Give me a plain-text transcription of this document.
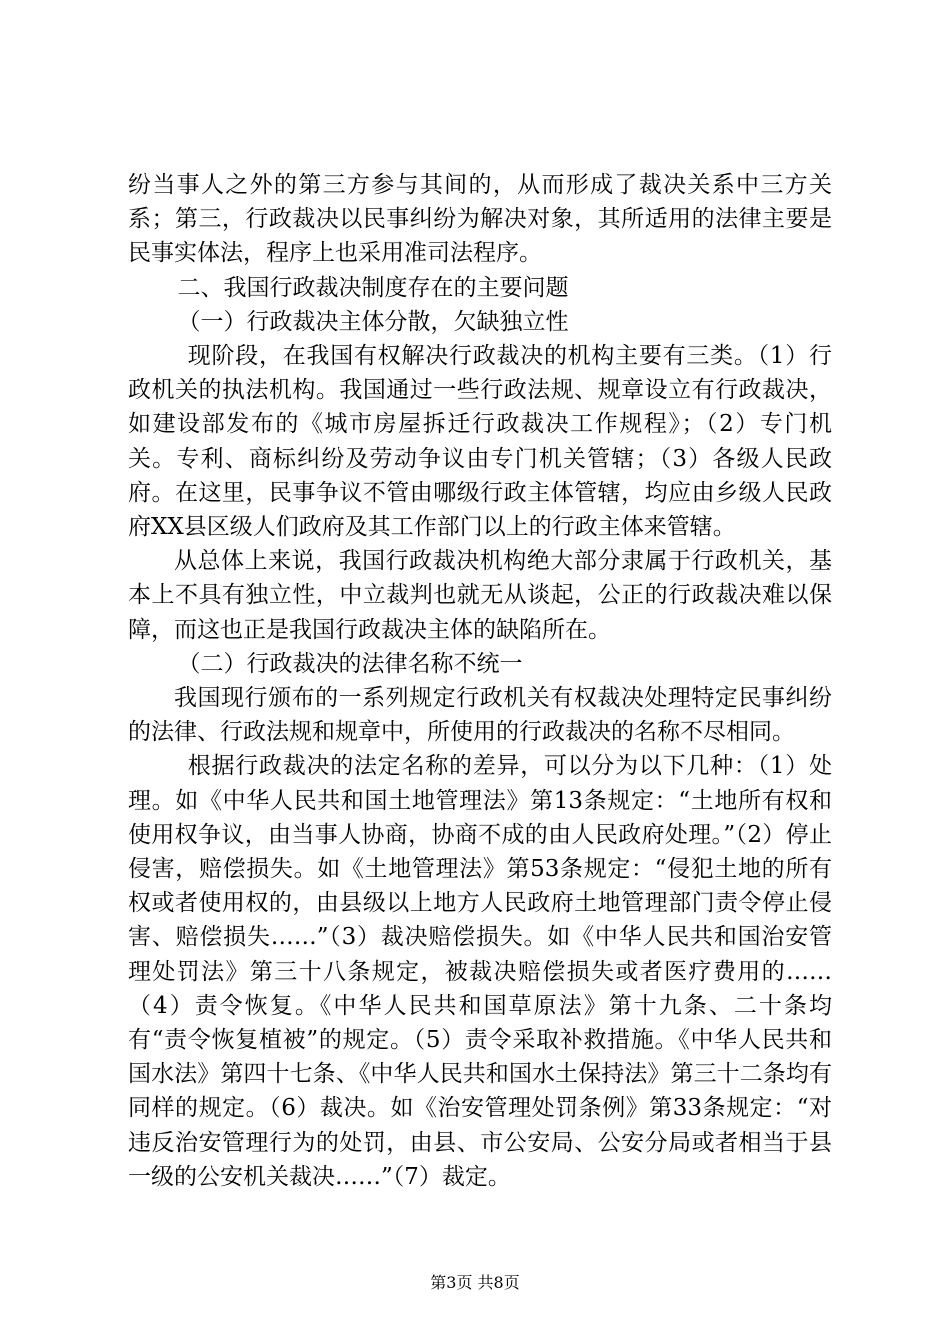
纷当事人之外的第三方参与其间的，从而形成了裁决关系中三方关系；第三，行政裁决以民事纠纷为解决对象，其所适用的法律主要是民事实体法，程序上也采用准司法程序。

二、我国行政裁决制度存在的主要问题

（一）行政裁决主体分散，欠缺独立性

现阶段，在我国有权解决行政裁决的机构主要有三类。（1）行政机关的执法机构。我国通过一些行政法规、规章设立有行政裁决，如建设部发布的《城市房屋拆迁行政裁决工作规程》；（2）专门机关。专利、商标纠纷及劳动争议由专门机关管辖；（3）各级人民政府。在这里，民事争议不管由哪级行政主体管辖，均应由乡级人民政府XX县区级人们政府及其工作部门以上的行政主体来管辖。

从总体上来说，我国行政裁决机构绝大部分隶属于行政机关，基本上不具有独立性，中立裁判也就无从谈起，公正的行政裁决难以保障，而这也正是我国行政裁决主体的缺陷所在。

（二）行政裁决的法律名称不统一

我国现行颁布的一系列规定行政机关有权裁决处理特定民事纠纷的法律、行政法规和规章中，所使用的行政裁决的名称不尽相同。

根据行政裁决的法定名称的差异，可以分为以下几种：（1）处理。如《中华人民共和国土地管理法》第13条规定：“土地所有权和使用权争议，由当事人协商，协商不成的由人民政府处理。”（2）停止侵害，赔偿损失。如《土地管理法》第53条规定：“侵犯土地的所有权或者使用权的，由县级以上地方人民政府土地管理部门责令停止侵害、赔偿损失……”（3）裁决赔偿损失。如《中华人民共和国治安管理处罚法》第三十八条规定，被裁决赔偿损失或者医疗费用的……（4）责令恢复。《中华人民共和国草原法》第十九条、二十条均有“责令恢复植被”的规定。（5）责令采取补救措施。《中华人民共和国水法》第四十七条、《中华人民共和国水土保持法》第三十二条均有同样的规定。（6）裁决。如《治安管理处罚条例》第33条规定：“对违反治安管理行为的处罚，由县、市公安局、公安分局或者相当于县一级的公安机关裁决……”（7）裁定。

第3页 共8页
